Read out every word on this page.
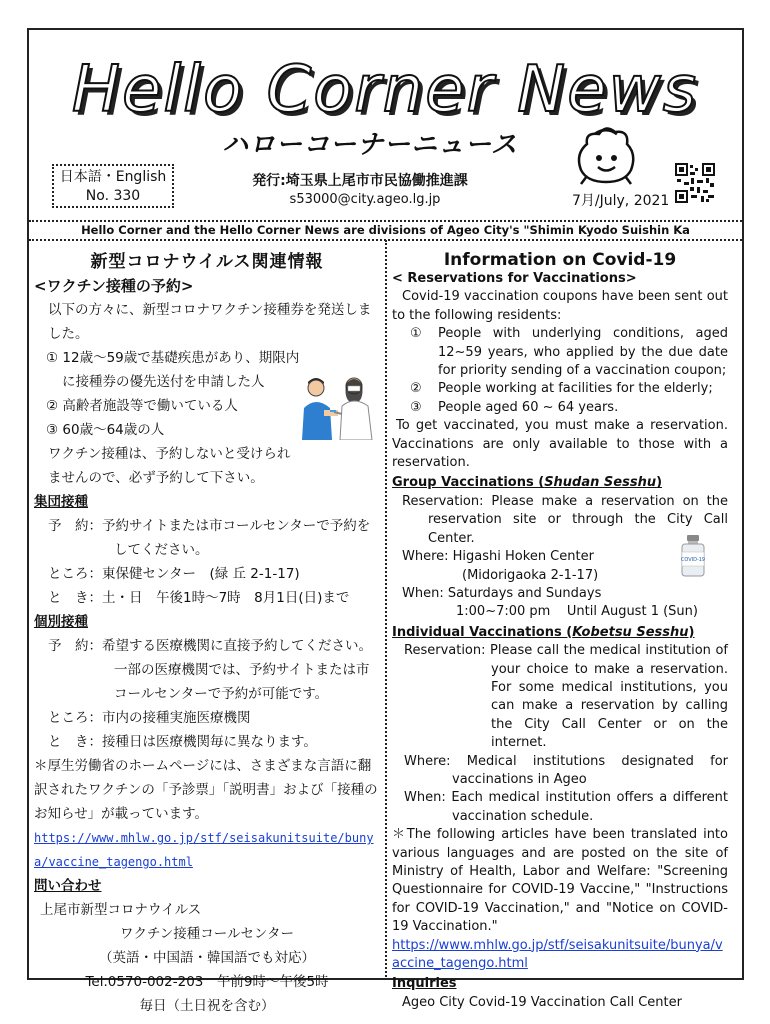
Hello Corner News
ハローコーナーニュース
日本語・English
No. 330
発行:埼玉県上尾市市民協働推進課
s53000@city.ageo.lg.jp	7月/July, 2021
Hello Corner and the Hello Corner News are divisions of Ageo City's "Shimin Kyodo Suishin Ka

新型コロナウイルス関連情報

<ワクチン接種の予約>

以下の方々に、新型コロナワクチン接種券を発送しました。

① 12歳～59歳で基礎疾患があり、期限内に接種券の優先送付を申請した人

② 高齢者施設等で働いている人

③ 60歳～64歳の人

ワクチン接種は、予約しないと受けられませんので、必ず予約して下さい。

集団接種

予　約：予約サイトまたは市コールセンターで予約をしてください。

ところ：東保健センター　(緑 丘 2-1-17)

と　き：土・日　午後1時～7時　8月1日(日)まで

個別接種

予　約：希望する医療機関に直接予約してください。一部の医療機関では、予約サイトまたは市コールセンターで予約が可能です。

ところ：市内の接種実施医療機関

と　き：接種日は医療機関毎に異なります。

＊厚生労働省のホームページには、さまざまな言語に翻訳されたワクチンの「予診票」「説明書」および「接種のお知らせ」が載っています。

https://www.mhlw.go.jp/stf/seisakunitsuite/bunya/vaccine_tagengo.html

問い合わせ

上尾市新型コロナウイルス

ワクチン接種コールセンター

（英語・中国語・韓国語でも対応）

Tel.0570-002-203　午前9時～午後5時

毎日（土日祝を含む）

Information on Covid-19

< Reservations for Vaccinations>

Covid-19 vaccination coupons have been sent out to the following residents:

①	People with underlying conditions, aged 12~59 years, who applied by the due date for priority sending of a vaccination coupon;
②	People working at facilities for the elderly;
③	People aged 60 ~ 64 years.

To get vaccinated, you must make a reservation. Vaccinations are only available to those with a reservation.

Group Vaccinations (Shudan Sesshu)

Reservation: Please make a reservation on the reservation site or through the City Call Center.

Where: Higashi Hoken Center

(Midorigaoka 2-1-17)

When: Saturdays and Sundays

1:00~7:00 pm    Until August 1 (Sun)

Individual Vaccinations (Kobetsu Sesshu)

Reservation: Please call the medical institution of your choice to make a reservation. For some medical institutions, you can make a reservation by calling the City Call Center or on the internet.

Where: Medical institutions designated for vaccinations in Ageo

When: Each medical institution offers a different vaccination schedule.

＊The following articles have been translated into various languages and are posted on the site of Ministry of Health, Labor and Welfare: "Screening Questionnaire for COVID-19 Vaccine," "Instructions for COVID-19 Vaccination," and "Notice on COVID-19 Vaccination."

https://www.mhlw.go.jp/stf/seisakunitsuite/bunya/vaccine_tagengo.html

Inquiries

Ageo City Covid-19 Vaccination Call Center

COVID-19
